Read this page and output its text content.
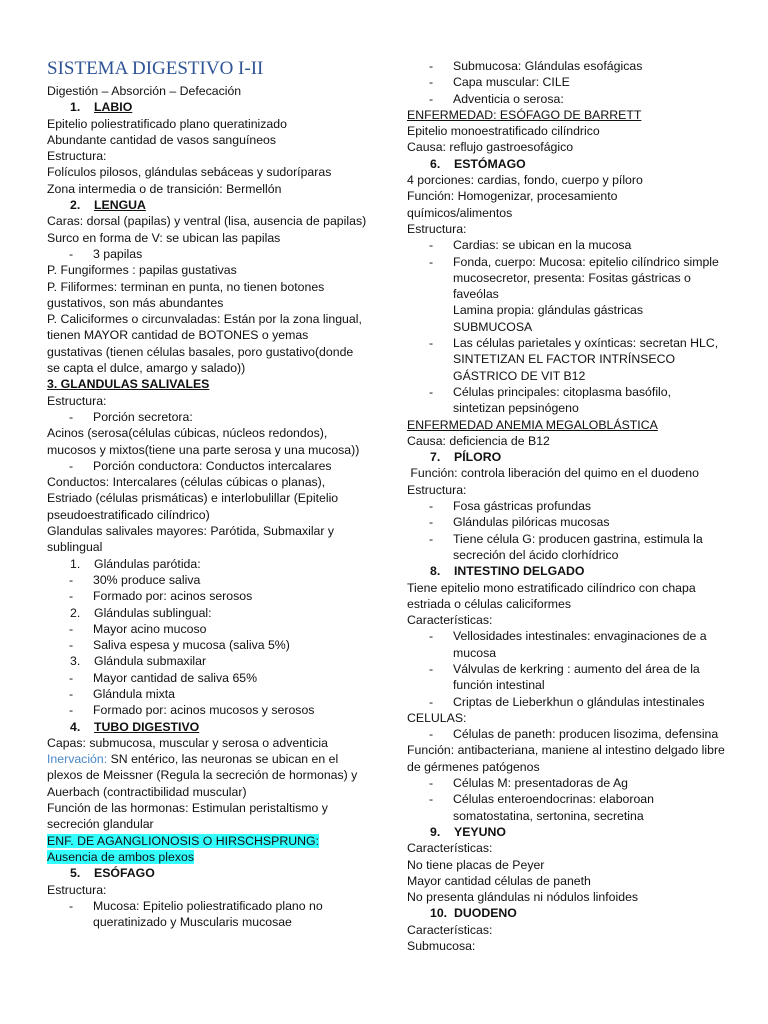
SISTEMA DIGESTIVO I-II
Digestión – Absorción – Defecación
1.	LABIO
Epitelio poliestratificado plano queratinizado
Abundante cantidad de vasos sanguíneos
Estructura:
Folículos pilosos, glándulas sebáceas y sudoríparas
Zona intermedia o de transición: Bermellón
2.	LENGUA
Caras: dorsal (papilas) y ventral (lisa, ausencia de papilas)
Surco en forma de V: se ubican las papilas
-	3 papilas
P. Fungiformes : papilas gustativas
P. Filiformes: terminan en punta, no tienen botones gustativos, son más abundantes
P. Caliciformes o circunvaladas: Están por la zona lingual, tienen MAYOR cantidad de BOTONES o yemas gustativas (tienen células basales, poro gustativo(donde se capta el dulce, amargo y salado))
3. GLANDULAS SALIVALES
Estructura:
-	Porción secretora:
Acinos (serosa(células cúbicas, núcleos redondos), mucosos y mixtos(tiene una parte serosa y una mucosa))
-	Porción conductora: Conductos intercalares
Conductos: Intercalares (células cúbicas o planas), Estriado (células prismáticas) e interlobulillar (Epitelio pseudoestratificado cilíndrico)
Glandulas salivales mayores: Parótida, Submaxilar y sublingual
1.	Glándulas parótida:
-	30% produce saliva
-	Formado por: acinos serosos
2.	Glándulas sublingual:
-	Mayor acino mucoso
-	Saliva espesa y mucosa (saliva 5%)
3.	Glándula submaxilar
-	Mayor cantidad de saliva 65%
-	Glándula mixta
-	Formado por: acinos mucosos y serosos
4.	TUBO DIGESTIVO
Capas: submucosa, muscular y serosa o adventicia
Inervación: SN entérico, las neuronas se ubican en el plexos de Meissner (Regula la secreción de hormonas) y Auerbach (contractibilidad muscular)
Función de las hormonas: Estimulan peristaltismo y secreción glandular
ENF. DE AGANGLIONOSIS O HIRSCHSPRUNG: Ausencia de ambos plexos
5.	ESÓFAGO
Estructura:
-	Mucosa: Epitelio poliestratificado plano no queratinizado y Muscularis mucosae
-	Submucosa: Glándulas esofágicas
-	Capa muscular: CILE
-	Adventicia o serosa:
ENFERMEDAD: ESÓFAGO DE BARRETT
Epitelio monoestratificado cilíndrico
Causa: reflujo gastroesofágico
6.	ESTÓMAGO
4 porciones: cardias, fondo, cuerpo y píloro
Función: Homogenizar, procesamiento químicos/alimentos
Estructura:
-	Cardias: se ubican en la mucosa
-	Fonda, cuerpo: Mucosa: epitelio cilíndrico simple mucosecretor, presenta: Fositas gástricas o faveólas
Lamina propia: glándulas gástricas
SUBMUCOSA
-	Las células parietales y oxínticas: secretan HLC, SINTETIZAN EL FACTOR INTRÍNSECO GÁSTRICO DE VIT B12
-	Células principales: citoplasma basófilo, sintetizan pepsinógeno
ENFERMEDAD ANEMIA MEGALOBLÁSTICA
Causa: deficiencia de B12
7.	PÍLORO
Función: controla liberación del quimo en el duodeno
Estructura:
-	Fosa gástricas profundas
-	Glándulas pilóricas mucosas
-	Tiene célula G: producen gastrina, estimula la secreción del ácido clorhídrico
8.	INTESTINO DELGADO
Tiene epitelio mono estratificado cilíndrico con chapa estriada o células caliciformes
Características:
-	Vellosidades intestinales: envaginaciones de a mucosa
-	Válvulas de kerkring : aumento del área de la función intestinal
-	Criptas de Lieberkhun o glándulas intestinales
CELULAS:
-	Células de paneth: producen lisozima, defensina
Función: antibacteriana, maniene al intestino delgado libre de gérmenes patógenos
-	Células M: presentadoras de Ag
-	Células enteroendocrinas: elaboroan somatostatina, sertonina, secretina
9.	YEYUNO
Características:
No tiene placas de Peyer
Mayor cantidad células de paneth
No presenta glándulas ni nódulos linfoides
10. DUODENO
Características:
Submucosa:
